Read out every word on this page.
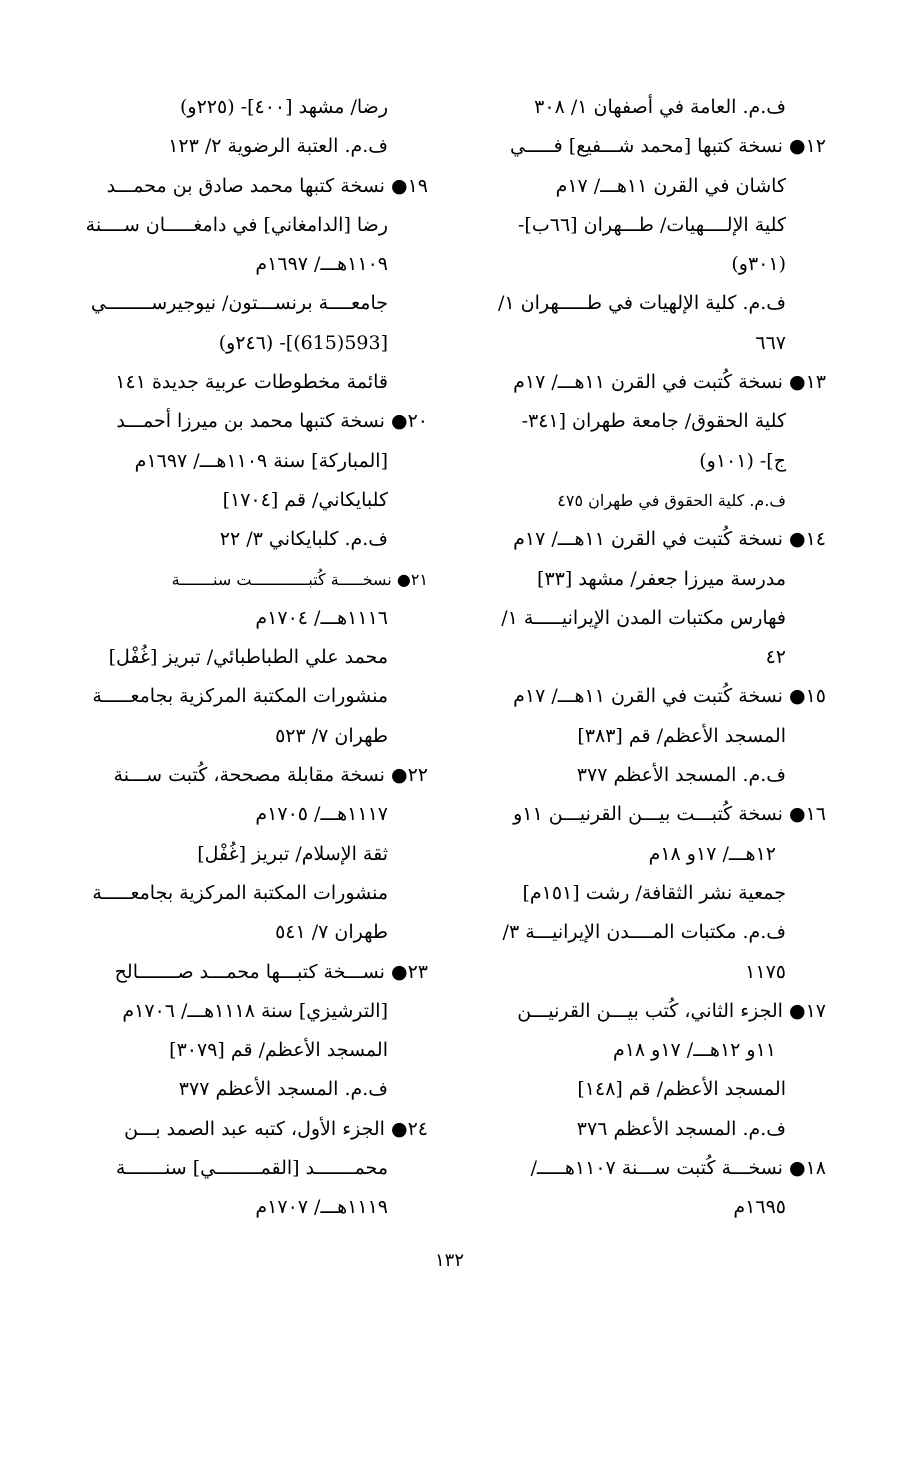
ف.م. العامة في أصفهان ١/ ٣٠٨
١٢● نسخة كتبها [محمد شـــفيع] فـــــي
كاشان في القرن ١١هـــ/ ١٧م
كلية الإلــــهيات/ طـــهران [٦٦ب]-
(٣٠١و)
ف.م. كلية الإلهيات في طـــــهران ١/
٦٦٧
١٣● نسخة كُتبت في القرن ١١هـــ/ ١٧م
كلية الحقوق/ جامعة طهران [٣٤١-
ج]- (١٠١و)
ف.م. كلية الحقوق في طهران ٤٧٥
١٤● نسخة كُتبت في القرن ١١هـــ/ ١٧م
مدرسة ميرزا جعفر/ مشهد [٣٣]
فهارس مكتبات المدن الإيرانيـــــة ١/
٤٢
١٥● نسخة كُتبت في القرن ١١هـــ/ ١٧م
المسجد الأعظم/ قم [٣٨٣]
ف.م. المسجد الأعظم ٣٧٧
١٦● نسخة كُتبـــت بيـــن القرنيـــن ١١و
١٢هـــ/ ١٧و ١٨م
جمعية نشر الثقافة/ رشت [١٥١م]
ف.م. مكتبات المــــدن الإيرانيـــة ٣/
١١٧٥
١٧● الجزء الثاني، كُتب بيـــن القرنيـــن
١١و ١٢هـــ/ ١٧و ١٨م
المسجد الأعظم/ قم [١٤٨]
ف.م. المسجد الأعظم ٣٧٦
١٨● نسخـــة كُتبت ســـنة ١١٠٧هـــــ/
١٦٩٥م
رضا/ مشهد [٤٠٠]- (٢٢٥و)
ف.م. العتبة الرضوية ٢/ ١٢٣
١٩● نسخة كتبها محمد صادق بن محمـــد
رضا [الدامغاني] في دامغـــــان ســــنة
١١٠٩هـــ/ ١٦٩٧م
جامعــــة برنســـتون/ نيوجيرســــــــي
[593(615)]- (٢٤٦و)
قائمة مخطوطات عربية جديدة ١٤١
٢٠● نسخة كتبها محمد بن ميرزا أحمـــد
[المباركة] سنة ١١٠٩هـــ/ ١٦٩٧م
كلبايكاني/ قم [١٧٠٤]
ف.م. كلبايكاني ٣/ ٢٢
٢١● نسخـــــة كُتبــــــــــــت سنـــــــة
١١١٦هـــ/ ١٧٠٤م
محمد علي الطباطبائي/ تبريز [غُفْل]
منشورات المكتبة المركزية بجامعـــــة
طهران ٧/ ٥٢٣
٢٢● نسخة مقابلة مصححة، كُتبت ســـنة
١١١٧هـــ/ ١٧٠٥م
ثقة الإسلام/ تبريز [غُفْل]
منشورات المكتبة المركزية بجامعـــــة
طهران ٧/ ٥٤١
٢٣● نســـخة كتبـــها محمـــد صـــــــالح
[الترشيزي] سنة ١١١٨هـــ/ ١٧٠٦م
المسجد الأعظم/ قم [٣٠٧٩]
ف.م. المسجد الأعظم ٣٧٧
٢٤● الجزء الأول، كتبه عبد الصمد بـــن
محمـــــــد [القمــــــــي] سنـــــــة
١١١٩هـــ/ ١٧٠٧م
١٣٢
